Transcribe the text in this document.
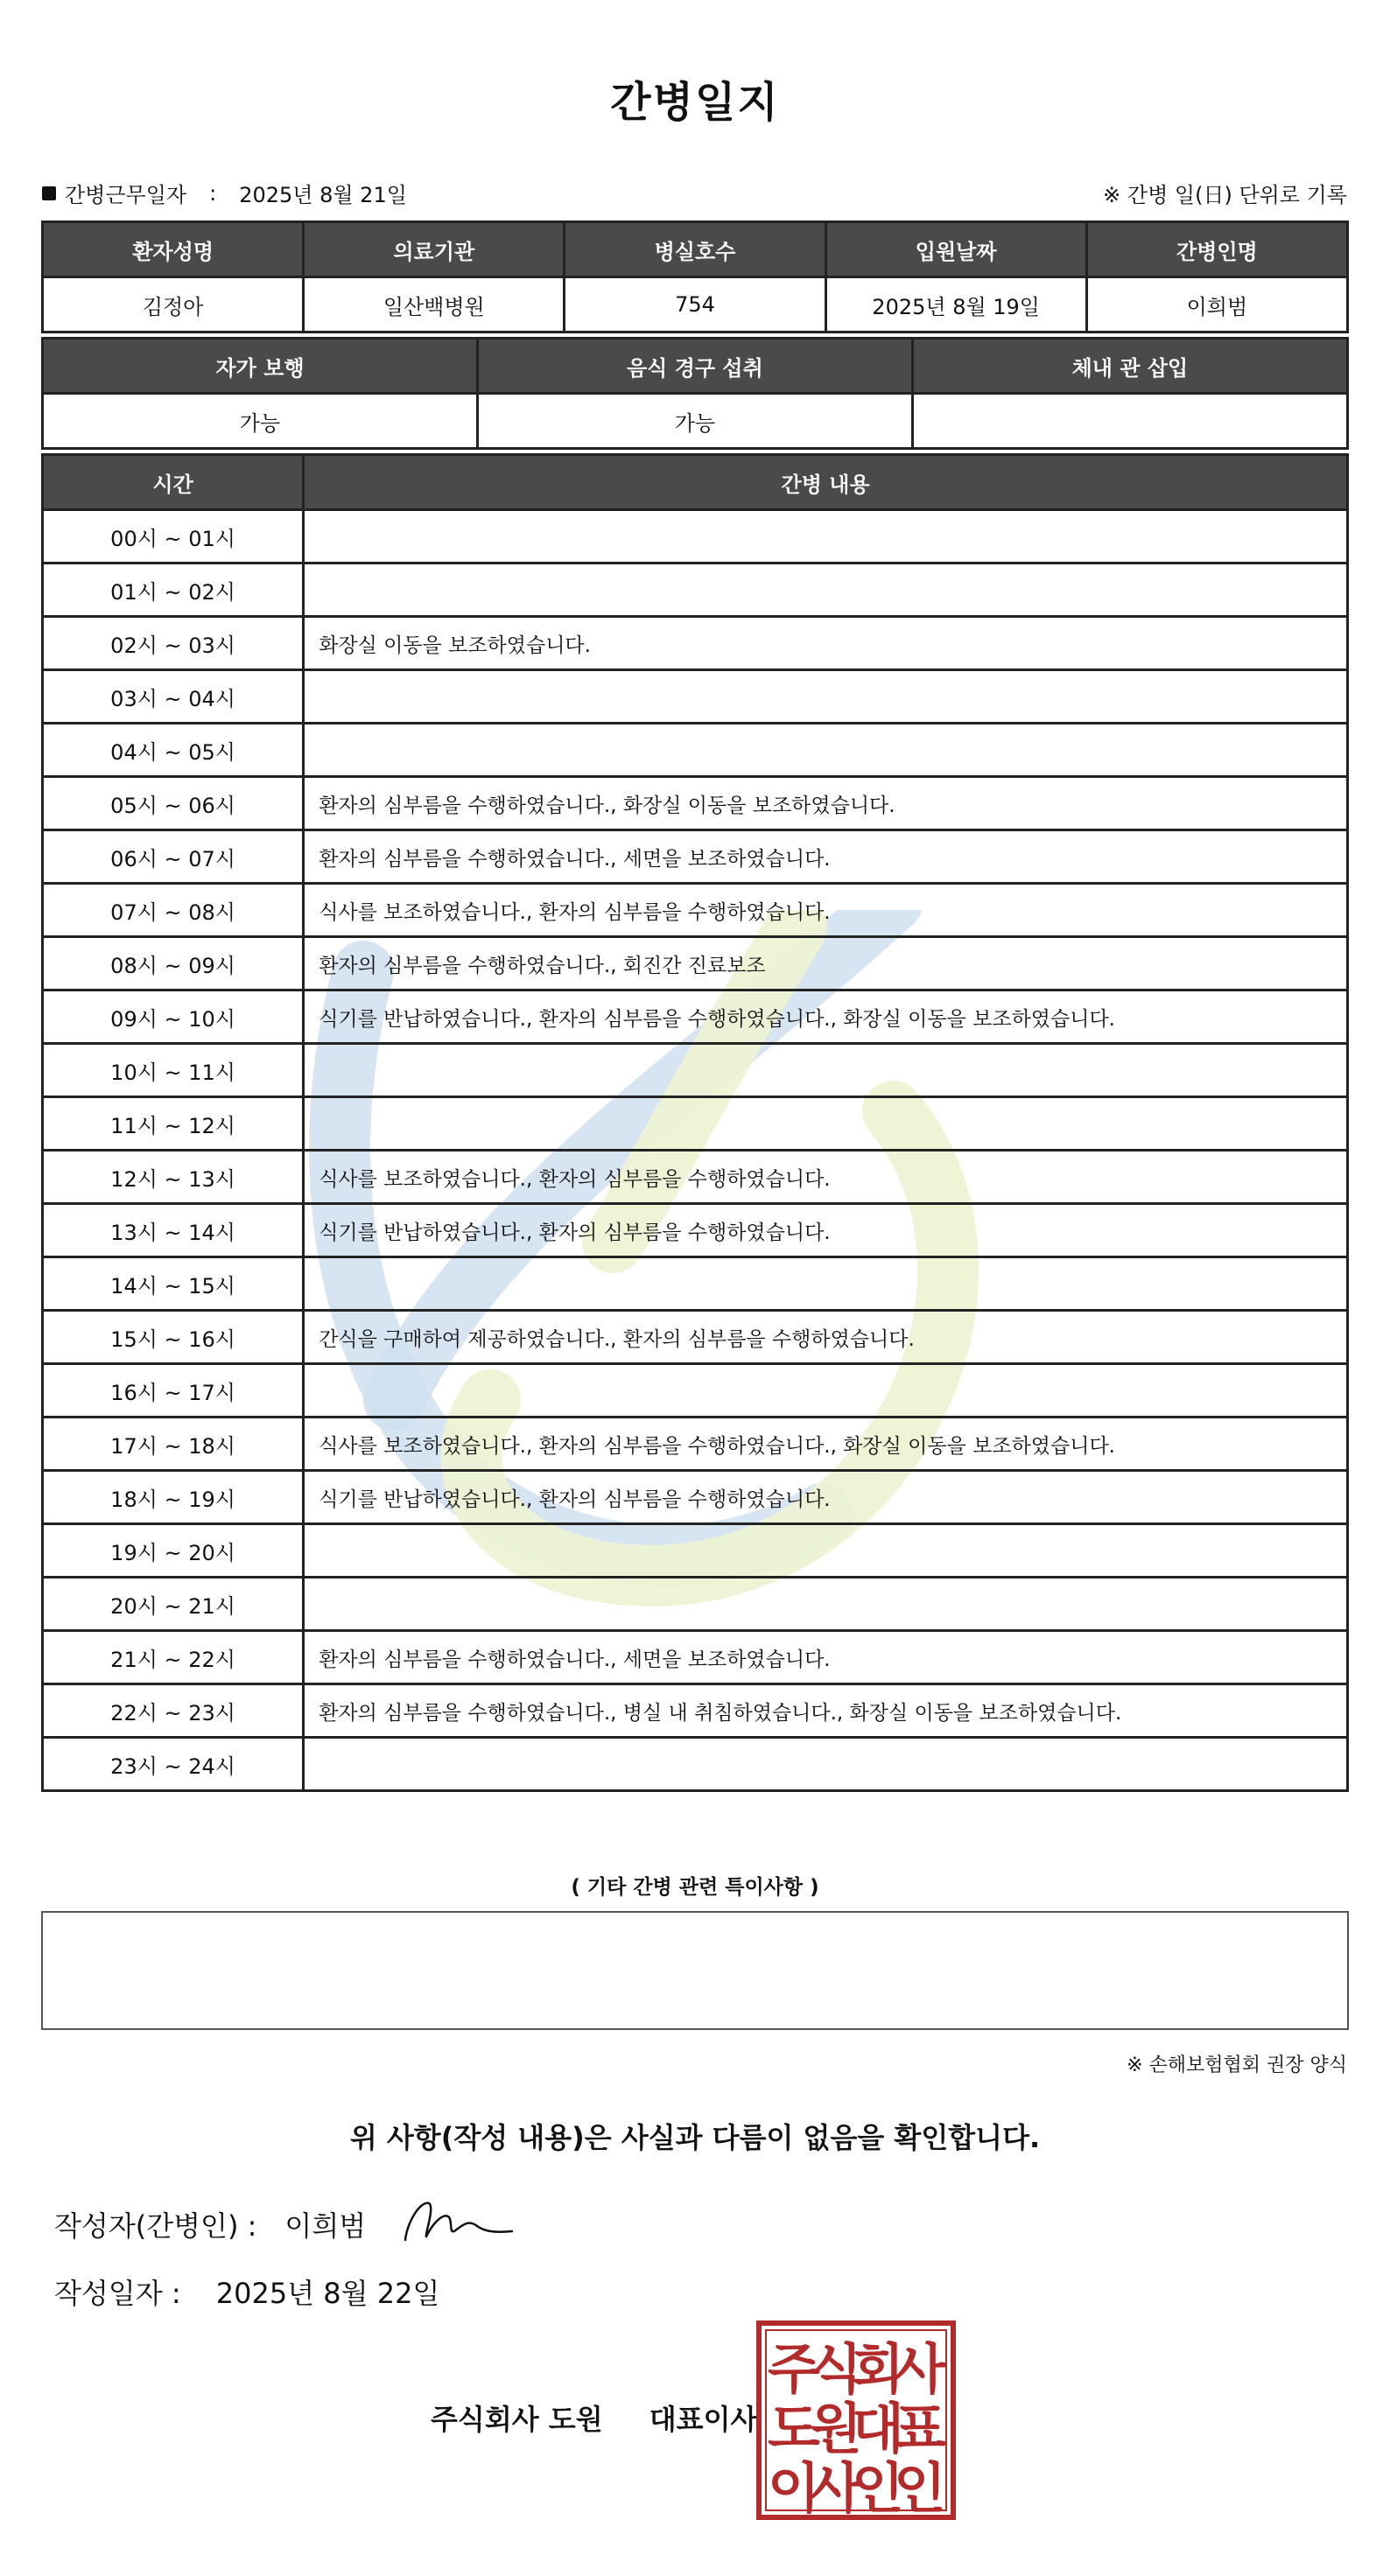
간병일지
간병근무일자 : 2025년 8월 21일	※ 간병 일(日) 단위로 기록
환자성명	의료기관	병실호수	입원날짜	간병인명
김정아	일산백병원	754	2025년 8월 19일	이희범
자가 보행	음식 경구 섭취	체내 관 삽입
가능	가능	
시간	간병 내용
00시 ~ 01시	
01시 ~ 02시	
02시 ~ 03시	화장실 이동을 보조하였습니다.
03시 ~ 04시	
04시 ~ 05시	
05시 ~ 06시	환자의 심부름을 수행하였습니다., 화장실 이동을 보조하였습니다.
06시 ~ 07시	환자의 심부름을 수행하였습니다., 세면을 보조하였습니다.
07시 ~ 08시	식사를 보조하였습니다., 환자의 심부름을 수행하였습니다.
08시 ~ 09시	환자의 심부름을 수행하였습니다., 회진간 진료보조
09시 ~ 10시	식기를 반납하였습니다., 환자의 심부름을 수행하였습니다., 화장실 이동을 보조하였습니다.
10시 ~ 11시	
11시 ~ 12시	
12시 ~ 13시	식사를 보조하였습니다., 환자의 심부름을 수행하였습니다.
13시 ~ 14시	식기를 반납하였습니다., 환자의 심부름을 수행하였습니다.
14시 ~ 15시	
15시 ~ 16시	간식을 구매하여 제공하였습니다., 환자의 심부름을 수행하였습니다.
16시 ~ 17시	
17시 ~ 18시	식사를 보조하였습니다., 환자의 심부름을 수행하였습니다., 화장실 이동을 보조하였습니다.
18시 ~ 19시	식기를 반납하였습니다., 환자의 심부름을 수행하였습니다.
19시 ~ 20시	
20시 ~ 21시	
21시 ~ 22시	환자의 심부름을 수행하였습니다., 세면을 보조하였습니다.
22시 ~ 23시	환자의 심부름을 수행하였습니다., 병실 내 취침하였습니다., 화장실 이동을 보조하였습니다.
23시 ~ 24시	
( 기타 간병 관련 특이사항 )
※ 손해보험협회 권장 양식
위 사항(작성 내용)은 사실과 다름이 없음을 확인합니다.
작성자(간병인) : 이희범
작성일자 : 2025년 8월 22일
주식회사 도원 대표이사
주
식
회
사
도
원
대
표
이
사
인
인
